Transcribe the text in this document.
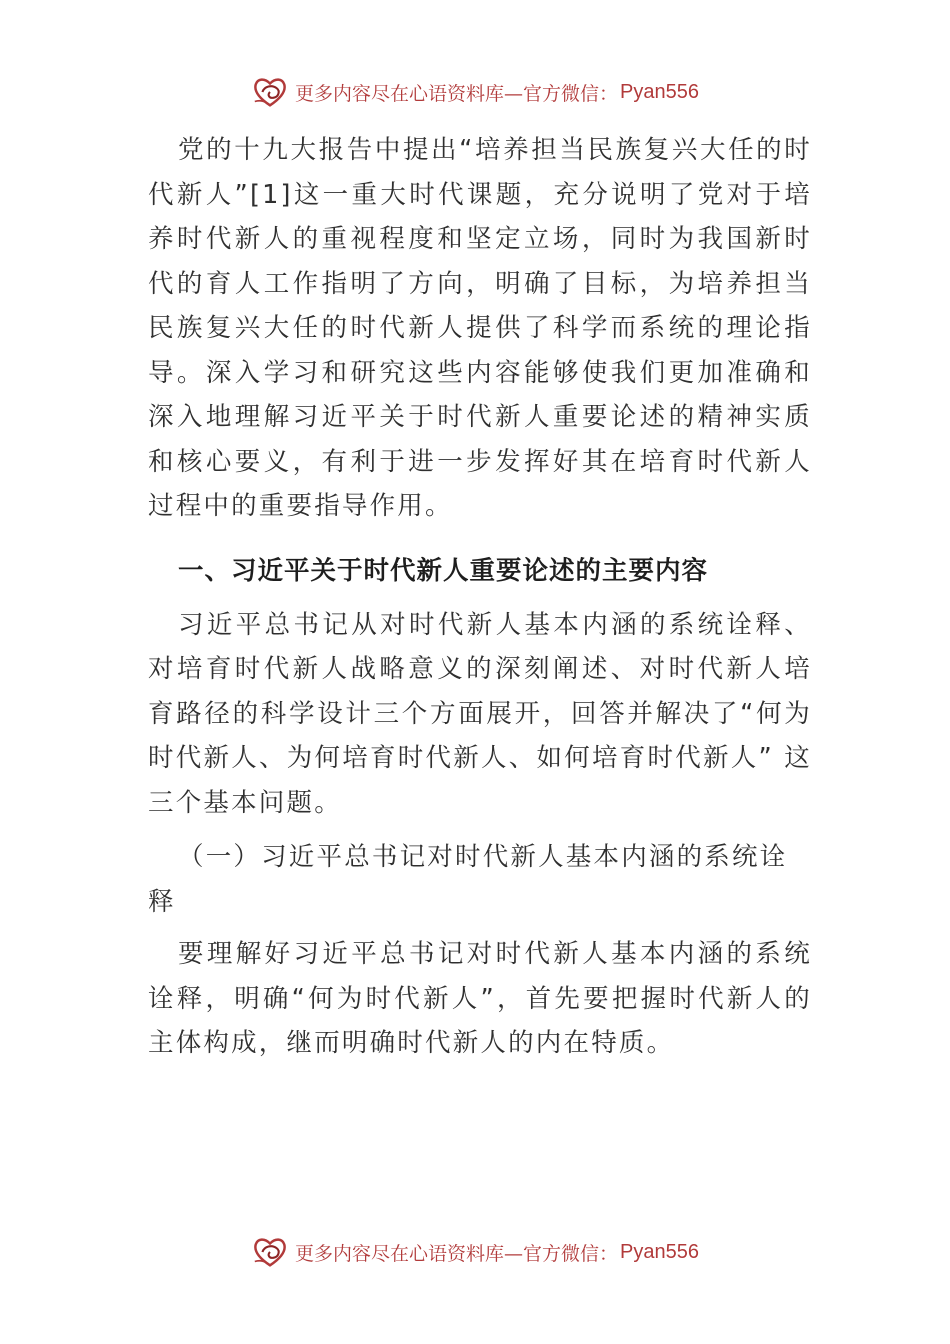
更多内容尽在心语资料库—官方微信： Pyan556

党的十九大报告中提出“培养担当民族复兴大任的时代新人”[1]这一重大时代课题，充分说明了党对于培养时代新人的重视程度和坚定立场，同时为我国新时代的育人工作指明了方向，明确了目标，为培养担当民族复兴大任的时代新人提供了科学而系统的理论指导。深入学习和研究这些内容能够使我们更加准确和深入地理解习近平关于时代新人重要论述的精神实质和核心要义，有利于进一步发挥好其在培育时代新人过程中的重要指导作用。

一、习近平关于时代新人重要论述的主要内容

习近平总书记从对时代新人基本内涵的系统诠释、对培育时代新人战略意义的深刻阐述、对时代新人培育路径的科学设计三个方面展开，回答并解决了“何为时代新人、为何培育时代新人、如何培育时代新人” 这三个基本问题。

（一）习近平总书记对时代新人基本内涵的系统诠释

要理解好习近平总书记对时代新人基本内涵的系统诠释，明确“何为时代新人”，首先要把握时代新人的主体构成，继而明确时代新人的内在特质。

更多内容尽在心语资料库—官方微信： Pyan556
